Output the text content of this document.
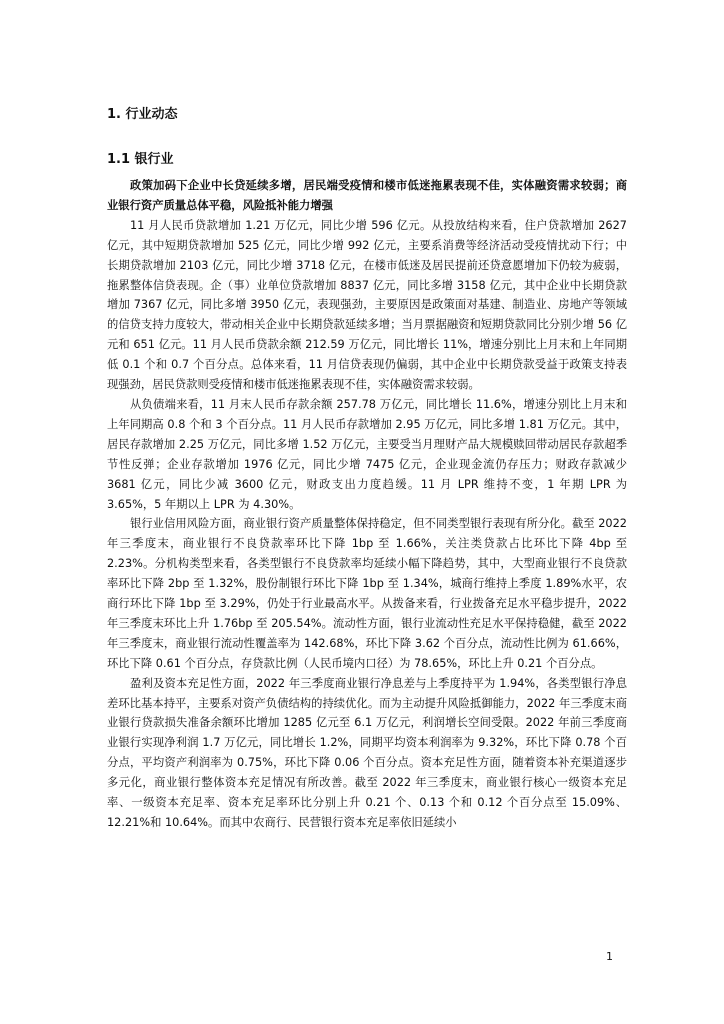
1. 行业动态
1.1 银行业

政策加码下企业中长贷延续多增，居民端受疫情和楼市低迷拖累表现不佳，实体融资需求较弱；商业银行资产质量总体平稳，风险抵补能力增强

11 月人民币贷款增加 1.21 万亿元，同比少增 596 亿元。从投放结构来看，住户贷款增加 2627 亿元，其中短期贷款增加 525 亿元，同比少增 992 亿元，主要系消费等经济活动受疫情扰动下行；中长期贷款增加 2103 亿元，同比少增 3718 亿元，在楼市低迷及居民提前还贷意愿增加下仍较为疲弱，拖累整体信贷表现。企（事）业单位贷款增加 8837 亿元，同比多增 3158 亿元，其中企业中长期贷款增加 7367 亿元，同比多增 3950 亿元，表现强劲，主要原因是政策面对基建、制造业、房地产等领域的信贷支持力度较大，带动相关企业中长期贷款延续多增；当月票据融资和短期贷款同比分别少增 56 亿元和 651 亿元。11 月人民币贷款余额 212.59 万亿元，同比增长 11%，增速分别比上月末和上年同期低 0.1 个和 0.7 个百分点。总体来看，11 月信贷表现仍偏弱，其中企业中长期贷款受益于政策支持表现强劲，居民贷款则受疫情和楼市低迷拖累表现不佳，实体融资需求较弱。

从负债端来看，11 月末人民币存款余额 257.78 万亿元，同比增长 11.6%，增速分别比上月末和上年同期高 0.8 个和 3 个百分点。11 月人民币存款增加 2.95 万亿元，同比多增 1.81 万亿元。其中，居民存款增加 2.25 万亿元，同比多增 1.52 万亿元，主要受当月理财产品大规模赎回带动居民存款超季节性反弹；企业存款增加 1976 亿元，同比少增 7475 亿元，企业现金流仍存压力；财政存款减少 3681 亿元，同比少减 3600 亿元，财政支出力度趋缓。11 月 LPR 维持不变，1 年期 LPR 为 3.65%，5 年期以上 LPR 为 4.30%。

银行业信用风险方面，商业银行资产质量整体保持稳定，但不同类型银行表现有所分化。截至 2022 年三季度末，商业银行不良贷款率环比下降 1bp 至 1.66%，关注类贷款占比环比下降 4bp 至 2.23%。分机构类型来看，各类型银行不良贷款率均延续小幅下降趋势，其中，大型商业银行不良贷款率环比下降 2bp 至 1.32%，股份制银行环比下降 1bp 至 1.34%，城商行维持上季度 1.89%水平，农商行环比下降 1bp 至 3.29%，仍处于行业最高水平。从拨备来看，行业拨备充足水平稳步提升，2022 年三季度末环比上升 1.76bp 至 205.54%。流动性方面，银行业流动性充足水平保持稳健，截至 2022 年三季度末，商业银行流动性覆盖率为 142.68%，环比下降 3.62 个百分点，流动性比例为 61.66%，环比下降 0.61 个百分点，存贷款比例（人民币境内口径）为 78.65%，环比上升 0.21 个百分点。

盈利及资本充足性方面，2022 年三季度商业银行净息差与上季度持平为 1.94%，各类型银行净息差环比基本持平，主要系对资产负债结构的持续优化。而为主动提升风险抵御能力，2022 年三季度末商业银行贷款损失准备余额环比增加 1285 亿元至 6.1 万亿元，利润增长空间受限。2022 年前三季度商业银行实现净利润 1.7 万亿元，同比增长 1.2%，同期平均资本利润率为 9.32%，环比下降 0.78 个百分点，平均资产利润率为 0.75%，环比下降 0.06 个百分点。资本充足性方面，随着资本补充渠道逐步多元化，商业银行整体资本充足情况有所改善。截至 2022 年三季度末，商业银行核心一级资本充足率、一级资本充足率、资本充足率环比分别上升 0.21 个、0.13 个和 0.12 个百分点至 15.09%、12.21%和 10.64%。而其中农商行、民营银行资本充足率依旧延续小

1
